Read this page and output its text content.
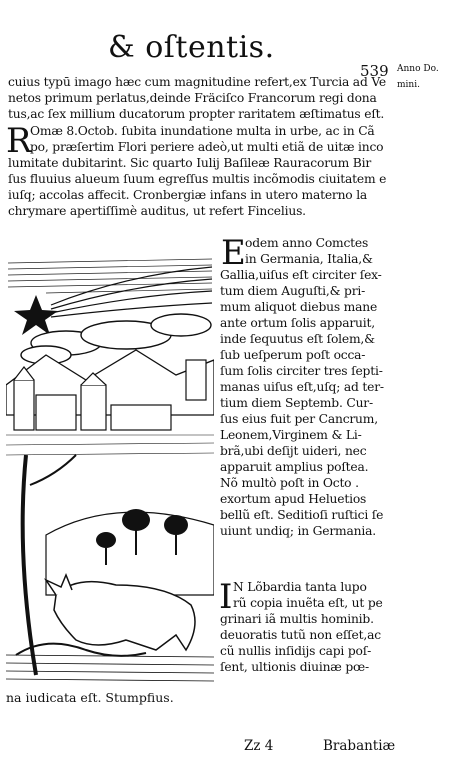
& oſtentis.
539 Anno Do.
mini.
cuius typū imago hæc cum magnitudine refert,ex Turcia ad Ve
netos primum perlatus,deinde Fräciſco Francorum regi dona
tus,ac ſex millium ducatorum propter raritatem æſtimatus eſt.
R
Omæ 8.Octob. ſubita inundatione multa in urbe, ac in Cã
po, præſertim Flori periere adeò,ut multi etiã de uitæ inco
lumitate dubitarint. Sic quarto Iulij Baſileæ Rauracorum Bir
ſus fluuius alueum ſuum egreſſus multis incõmodis ciuitatem e
iuſq; accolas affecit. Cronbergiæ infans in utero materno la
chrymare apertiſſimè auditus, ut refert Fincelius.
E odem anno Comctes
in Germania, Italia,&
Gallia,uiſus eſt circiter ſex-
tum diem Auguſti,& pri-
mum aliquot diebus mane
ante ortum ſolis apparuit,
inde ſequutus eſt ſolem,&
ſub ueſperum poſt occa-
ſum ſolis circiter tres ſepti-
manas uiſus eſt,uſq; ad ter-
tium diem Septemb. Cur-
ſus eius fuit per Cancrum,
Leonem,Virginem & Li-
brã,ubi deſijt uideri, nec
apparuit amplius poſtea.
Nõ multò poſt in Octo .
exortum apud Heluetios
bellũ eſt. Seditioſi ruſtici ſe
uiunt undiq; in Germania.
I N Lõbardia tanta lupo
rũ copia inuẽta eſt, ut pe
grinari iã multis hominib.
deuoratis tutũ non eſſet,ac
cũ nullis inſidijs capi poſ-
ſent, ultionis diuinæ pœ-
na iudicata eſt. Stumpfius.
Zz 4	Brabantiæ
